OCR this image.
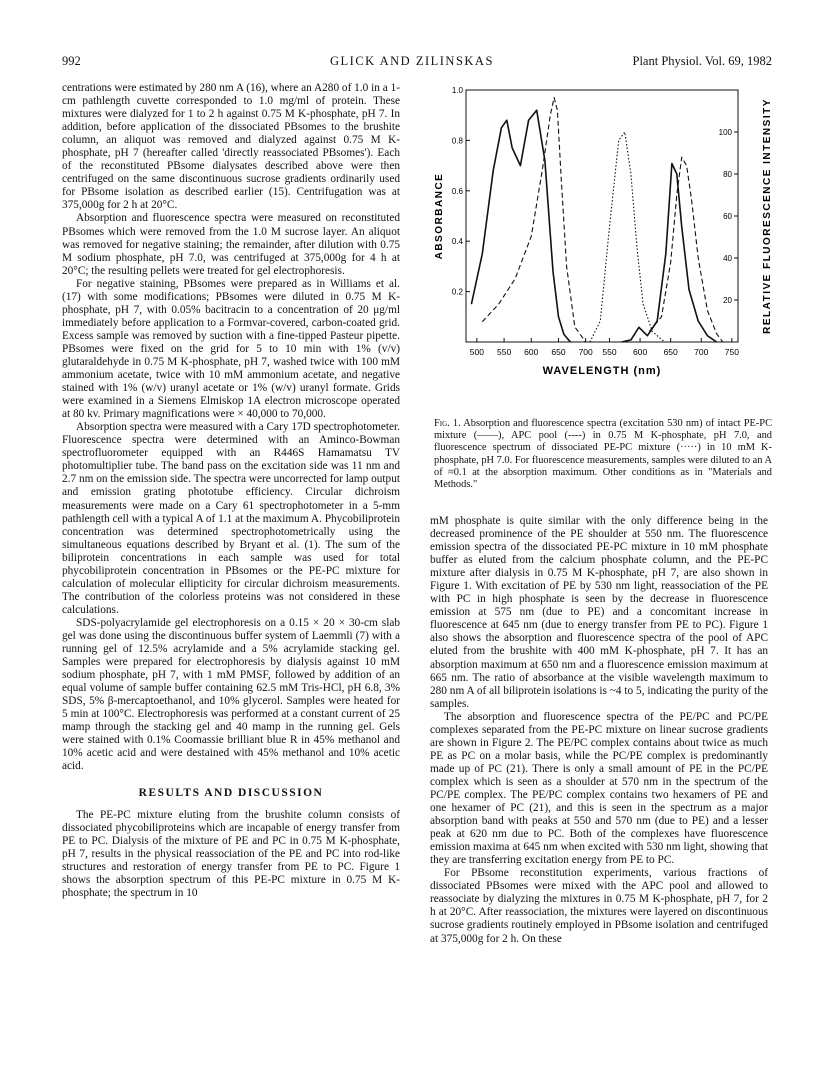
992	GLICK AND ZILINSKAS	Plant Physiol. Vol. 69, 1982

centrations were estimated by 280 nm A (16), where an A280 of 1.0 in a 1-cm pathlength cuvette corresponded to 1.0 mg/ml of protein. These mixtures were dialyzed for 1 to 2 h against 0.75 M K-phosphate, pH 7. In addition, before application of the dissociated PBsomes to the brushite column, an aliquot was removed and dialyzed against 0.75 M K-phosphate, pH 7 (hereafter called 'directly reassociated PBsomes'). Each of the reconstituted PBsome dialysates described above were then centrifuged on the same discontinuous sucrose gradients ordinarily used for PBsome isolation as described earlier (15). Centrifugation was at 375,000g for 2 h at 20°C.

Absorption and fluorescence spectra were measured on reconstituted PBsomes which were removed from the 1.0 M sucrose layer. An aliquot was removed for negative staining; the remainder, after dilution with 0.75 M sodium phosphate, pH 7.0, was centrifuged at 375,000g for 4 h at 20°C; the resulting pellets were treated for gel electrophoresis.

For negative staining, PBsomes were prepared as in Williams et al. (17) with some modifications; PBsomes were diluted in 0.75 M K-phosphate, pH 7, with 0.05% bacitracin to a concentration of 20 μg/ml immediately before application to a Formvar-covered, carbon-coated grid. Excess sample was removed by suction with a fine-tipped Pasteur pipette. PBsomes were fixed on the grid for 5 to 10 min with 1% (v/v) glutaraldehyde in 0.75 M K-phosphate, pH 7, washed twice with 100 mM ammonium acetate, twice with 10 mM ammonium acetate, and negative stained with 1% (w/v) uranyl acetate or 1% (w/v) uranyl formate. Grids were examined in a Siemens Elmiskop 1A electron microscope operated at 80 kv. Primary magnifications were × 40,000 to 70,000.

Absorption spectra were measured with a Cary 17D spectrophotometer. Fluorescence spectra were determined with an Aminco-Bowman spectrofluorometer equipped with an R446S Hamamatsu TV photomultiplier tube. The band pass on the excitation side was 11 nm and 2.7 nm on the emission side. The spectra were uncorrected for lamp output and emission grating phototube efficiency. Circular dichroism measurements were made on a Cary 61 spectrophotometer in a 5-mm pathlength cell with a typical A of 1.1 at the maximum A. Phycobiliprotein concentration was determined spectrophotometrically using the simultaneous equations described by Bryant et al. (1). The sum of the biliprotein concentrations in each sample was used for total phycobiliprotein concentration in PBsomes or the PE-PC mixture for calculation of molecular ellipticity for circular dichroism measurements. The contribution of the colorless proteins was not considered in these calculations.

SDS-polyacrylamide gel electrophoresis on a 0.15 × 20 × 30-cm slab gel was done using the discontinuous buffer system of Laemmli (7) with a running gel of 12.5% acrylamide and a 5% acrylamide stacking gel. Samples were prepared for electrophoresis by dialysis against 10 mM sodium phosphate, pH 7, with 1 mM PMSF, followed by addition of an equal volume of sample buffer containing 62.5 mM Tris-HCl, pH 6.8, 3% SDS, 5% β-mercaptoethanol, and 10% glycerol. Samples were heated for 5 min at 100°C. Electrophoresis was performed at a constant current of 25 mamp through the stacking gel and 40 mamp in the running gel. Gels were stained with 0.1% Coomassie brilliant blue R in 45% methanol and 10% acetic acid and were destained with 45% methanol and 10% acetic acid.

RESULTS AND DISCUSSION

The PE-PC mixture eluting from the brushite column consists of dissociated phycobiliproteins which are incapable of energy transfer from PE to PC. Dialysis of the mixture of PE and PC in 0.75 M K-phosphate, pH 7, results in the physical reassociation of the PE and PC into rod-like structures and restoration of energy transfer from PE to PC. Figure 1 shows the absorption spectrum of this PE-PC mixture in 0.75 M K-phosphate; the spectrum in 10

1.0
0.8
0.6
0.4
0.2
100
80
60
40
20
500 550 600 650 700 550 600 650 700 750
ABSORBANCE	RELATIVE FLUORESCENCE INTENSITY
WAVELENGTH (nm)
Fig. 1. Absorption and fluorescence spectra (excitation 530 nm) of intact PE-PC mixture (——), APC pool (----) in 0.75 M K-phosphate, pH 7.0, and fluorescence spectrum of dissociated PE-PC mixture (·····) in 10 mM K-phosphate, pH 7.0. For fluorescence measurements, samples were diluted to an A of ≈0.1 at the absorption maximum. Other conditions as in "Materials and Methods."

mM phosphate is quite similar with the only difference being in the decreased prominence of the PE shoulder at 550 nm. The fluorescence emission spectra of the dissociated PE-PC mixture in 10 mM phosphate buffer as eluted from the calcium phosphate column, and the PE-PC mixture after dialysis in 0.75 M K-phosphate, pH 7, are also shown in Figure 1. With excitation of PE by 530 nm light, reassociation of the PE with PC in high phosphate is seen by the decrease in fluorescence emission at 575 nm (due to PE) and a concomitant increase in fluorescence at 645 nm (due to energy transfer from PE to PC). Figure 1 also shows the absorption and fluorescence spectra of the pool of APC eluted from the brushite with 400 mM K-phosphate, pH 7. It has an absorption maximum at 650 nm and a fluorescence emission maximum at 665 nm. The ratio of absorbance at the visible wavelength maximum to 280 nm A of all biliprotein isolations is ~4 to 5, indicating the purity of the samples.

The absorption and fluorescence spectra of the PE/PC and PC/PE complexes separated from the PE-PC mixture on linear sucrose gradients are shown in Figure 2. The PE/PC complex contains about twice as much PE as PC on a molar basis, while the PC/PE complex is predominantly made up of PC (21). There is only a small amount of PE in the PC/PE complex which is seen as a shoulder at 570 nm in the spectrum of the PC/PE complex. The PE/PC complex contains two hexamers of PE and one hexamer of PC (21), and this is seen in the spectrum as a major absorption band with peaks at 550 and 570 nm (due to PE) and a lesser peak at 620 nm due to PC. Both of the complexes have fluorescence emission maxima at 645 nm when excited with 530 nm light, showing that they are transferring excitation energy from PE to PC.

For PBsome reconstitution experiments, various fractions of dissociated PBsomes were mixed with the APC pool and allowed to reassociate by dialyzing the mixtures in 0.75 M K-phosphate, pH 7, for 2 h at 20°C. After reassociation, the mixtures were layered on discontinuous sucrose gradients routinely employed in PBsome isolation and centrifuged at 375,000g for 2 h. On these
